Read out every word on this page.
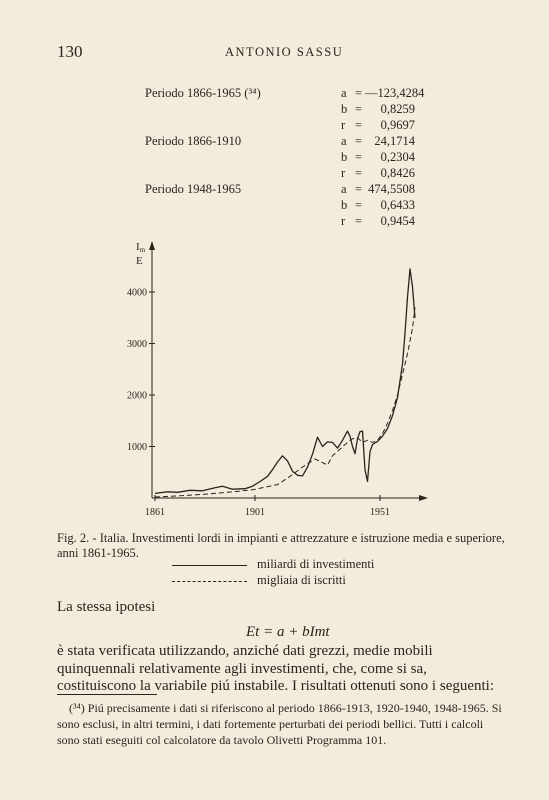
130	ANTONIO SASSU
Periodo 1866-1965 (³⁴)	a = —123,4284
b = 0,8259
r = 0,9697
Periodo 1866-1910	a = 24,1714
b = 0,2304
r = 0,8426
Periodo 1948-1965	a = 474,5508
b = 0,6433
r = 0,9454
Im
E
1000
2000
3000
4000
1861	1901	1951
Fig. 2. - Italia. Investimenti lordi in impianti e attrezzature e istruzione media e superiore, anni 1861-1965.
miliardi di investimenti
migliaia di iscritti
La stessa ipotesi
Et = a + bImt
è stata verificata utilizzando, anziché dati grezzi, medie mobili quinquennali relativamente agli investimenti, che, come si sa, costituiscono la variabile piú instabile. I risultati ottenuti sono i seguenti:
(³⁴) Piú precisamente i dati si riferiscono al periodo 1866-1913, 1920-1940, 1948-1965. Si sono esclusi, in altri termini, i dati fortemente perturbati dei periodi bellici. Tutti i calcoli sono stati eseguiti col calcolatore da tavolo Olivetti Programma 101.
